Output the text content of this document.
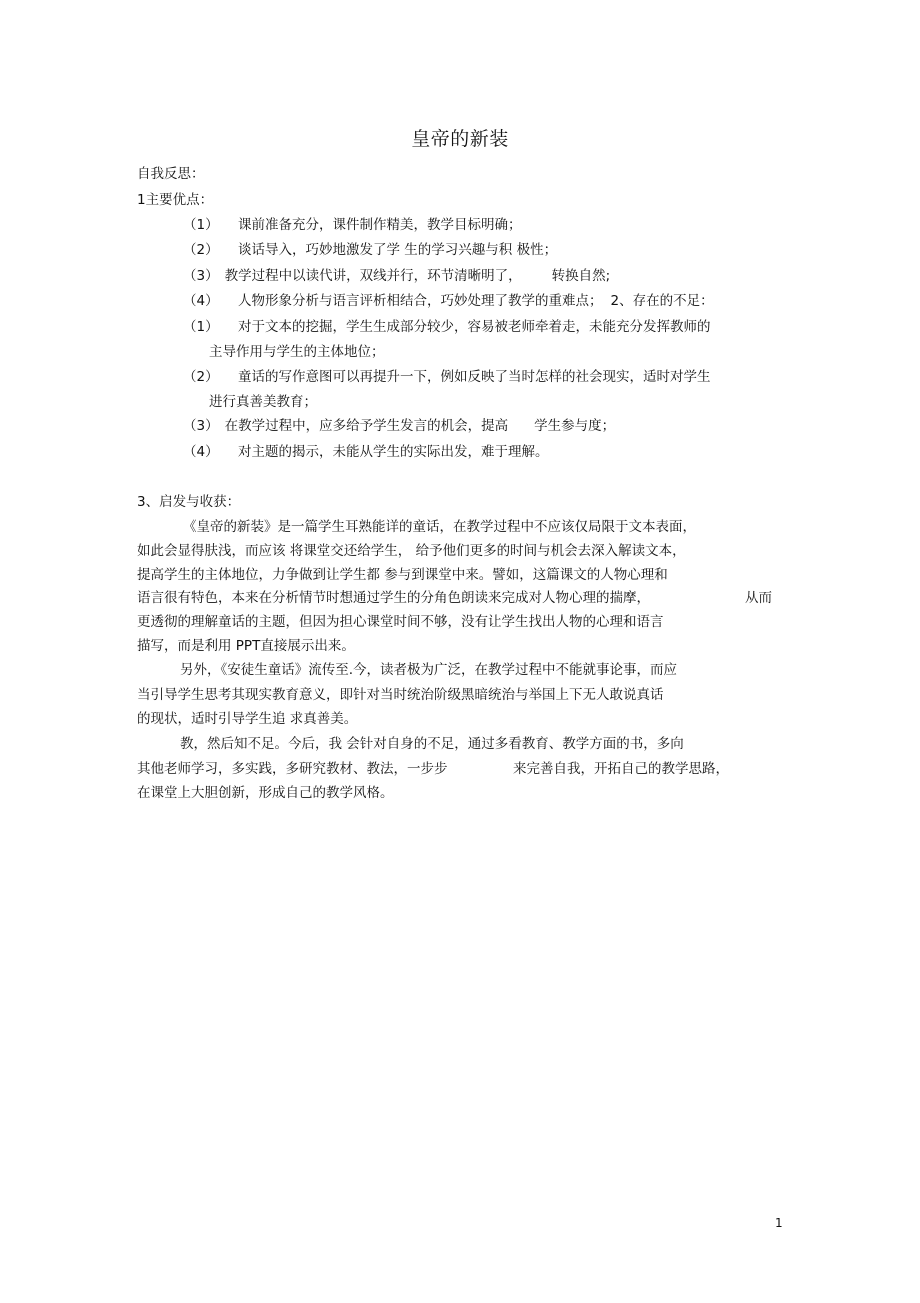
皇帝的新装
自我反思：
1主要优点：
（1） 课前准备充分，课件制作精美，教学目标明确；
（2） 谈话导入，巧妙地激发了学 生的学习兴趣与积 极性；
（3） 教学过程中以读代讲，双线并行，环节清晰明了， 转换自然;
（4） 人物形象分析与语言评析相结合，巧妙处理了教学的重难点； 2、存在的不足：
（1） 对于文本的挖掘，学生生成部分较少，容易被老师牵着走，未能充分发挥教师的
主导作用与学生的主体地位；
（2） 童话的写作意图可以再提升一下，例如反映了当时怎样的社会现实，适时对学生
进行真善美教育；
（3） 在教学过程中，应多给予学生发言的机会，提高 学生参与度；
（4） 对主题的揭示，未能从学生的实际出发，难于理解。
3、启发与收获：
《皇帝的新装》是一篇学生耳熟能详的童话，在教学过程中不应该仅局限于文本表面，
如此会显得肤浅，而应该 将课堂交还给学生， 给予他们更多的时间与机会去深入解读文本，
提高学生的主体地位，力争做到让学生都 参与到课堂中来。譬如，这篇课文的人物心理和
语言很有特色，本来在分析情节时想通过学生的分角色朗读来完成对人物心理的揣摩，	从而
更透彻的理解童话的主题，但因为担心课堂时间不够，没有让学生找出人物的心理和语言
描写，而是利用 PPT直接展示出来。
另外，《安徒生童话》流传至.今，读者极为广泛，在教学过程中不能就事论事，而应
当引导学生思考其现实教育意义，即针对当时统治阶级黑暗统治与举国上下无人敢说真话
的现状，适时引导学生追 求真善美。
教，然后知不足。今后，我 会针对自身的不足，通过多看教育、教学方面的书，多向
其他老师学习，多实践，多研究教材、教法，一步步	来完善自我，开拓自己的教学思路，
在课堂上大胆创新，形成自己的教学风格。
1
